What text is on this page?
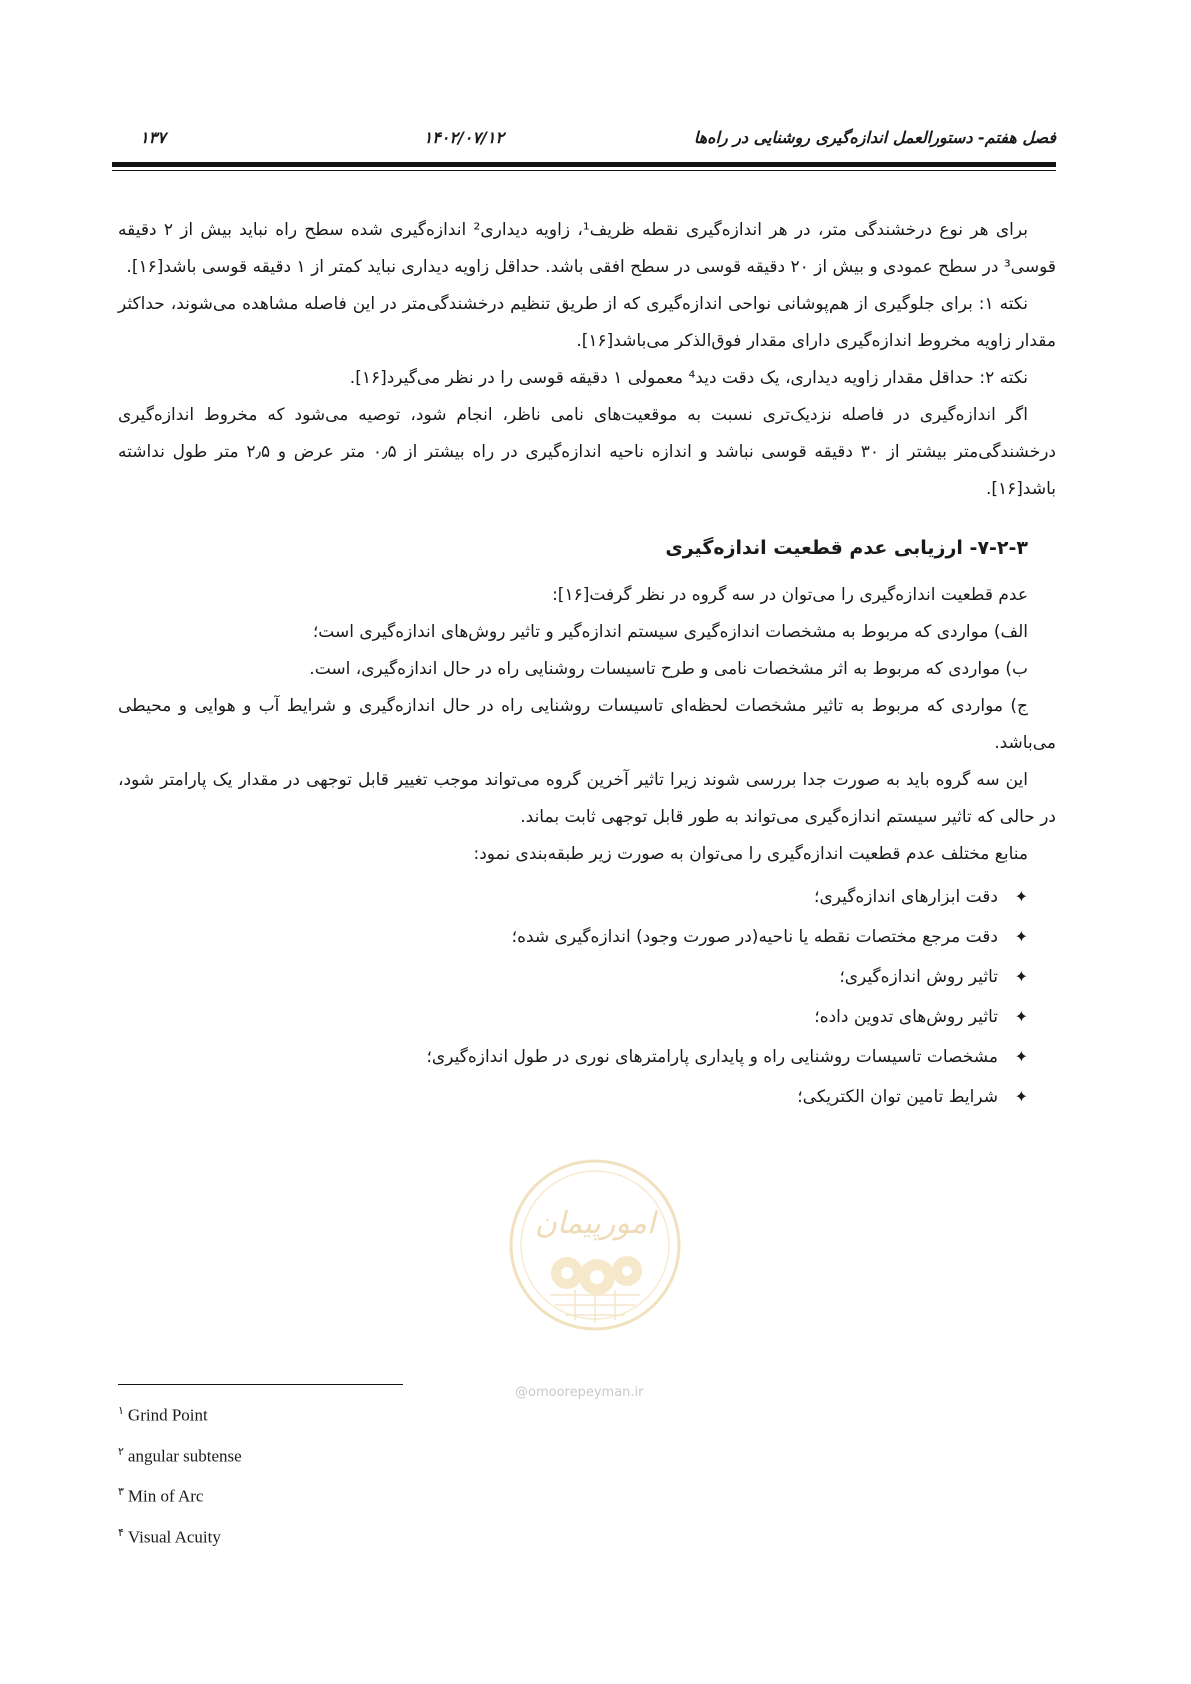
فصل هفتم- دستورالعمل اندازه‌گیری روشنایی در راه‌ها
۱۴۰۲/۰۷/۱۲
۱۳۷

برای هر نوع درخشندگی متر، در هر اندازه‌گیری نقطه ظریف¹، زاویه دیداری² اندازه‌گیری شده سطح راه نباید بیش از ۲ دقیقه قوسی³ در سطح عمودی و بیش از ۲۰ دقیقه قوسی در سطح افقی باشد. حداقل زاویه دیداری نباید کمتر از ۱ دقیقه قوسی باشد[۱۶].

نکته ۱: برای جلوگیری از هم‌پوشانی نواحی اندازه‌گیری که از طریق تنظیم درخشندگی‌متر در این فاصله مشاهده می‌شوند، حداکثر مقدار زاویه مخروط اندازه‌گیری دارای مقدار فوق‌الذکر می‌باشد[۱۶].

نکته ۲: حداقل مقدار زاویه دیداری، یک دقت دید⁴ معمولی ۱ دقیقه قوسی را در نظر می‌گیرد[۱۶].

اگر اندازه‌گیری در فاصله نزدیک‌تری نسبت به موقعیت‌های نامی ناظر، انجام شود، توصیه می‌شود که مخروط اندازه‌گیری درخشندگی‌متر بیشتر از ۳۰ دقیقه قوسی نباشد و اندازه ناحیه اندازه‌گیری در راه بیشتر از ۰٫۵ متر عرض و ۲٫۵ متر طول نداشته باشد[۱۶].

۷-۲-۳- ارزیابی عدم قطعیت اندازه‌گیری

عدم قطعیت اندازه‌گیری را می‌توان در سه گروه در نظر گرفت[۱۶]:

الف) مواردی که مربوط به مشخصات اندازه‌گیری سیستم اندازه‌گیر و تاثیر روش‌های اندازه‌گیری است؛

ب) مواردی که مربوط به اثر مشخصات نامی و طرح تاسیسات روشنایی راه در حال اندازه‌گیری، است.

ج) مواردی که مربوط به تاثیر مشخصات لحظه‌ای تاسیسات روشنایی راه در حال اندازه‌گیری و شرایط آب و هوایی و محیطی می‌باشد.

این سه گروه باید به صورت جدا بررسی شوند زیرا تاثیر آخرین گروه می‌تواند موجب تغییر قابل توجهی در مقدار یک پارامتر شود، در حالی که تاثیر سیستم اندازه‌گیری می‌تواند به طور قابل توجهی ثابت بماند.

منابع مختلف عدم قطعیت اندازه‌گیری را می‌توان به صورت زیر طبقه‌بندی نمود:

✦
دقت ابزارهای اندازه‌گیری؛
✦
دقت مرجع مختصات نقطه یا ناحیه(در صورت وجود) اندازه‌گیری شده؛
✦
تاثیر روش اندازه‌گیری؛
✦
تاثیر روش‌های تدوین داده؛
✦
مشخصات تاسیسات روشنایی راه و پایداری پارامترهای نوری در طول اندازه‌گیری؛
✦
شرایط تامین توان الکتریکی؛
امورپیمان
@omoorepeyman.ir
$^۱$ Grind Point
$^۲$ angular subtense
$^۳$ Min of Arc
$^۴$ Visual Acuity
